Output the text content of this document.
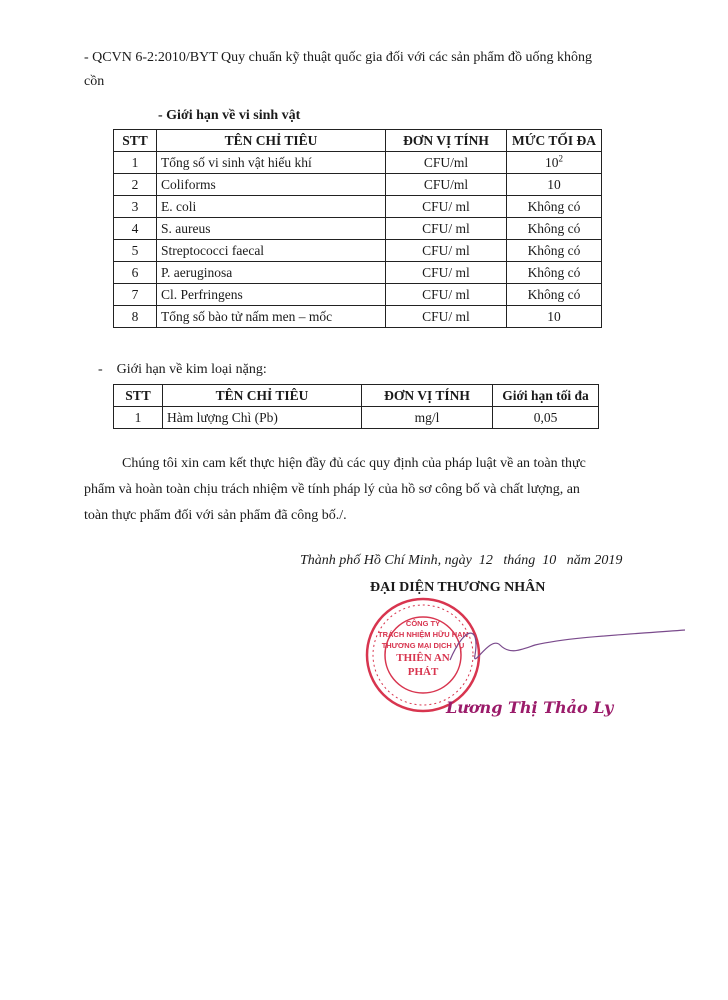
- QCVN 6-2:2010/BYT Quy chuẩn kỹ thuật quốc gia đối với các sản phẩm đồ uống không
cồn
- Giới hạn về vi sinh vật
STT	TÊN CHỈ TIÊU	ĐƠN VỊ TÍNH	MỨC TỐI ĐA
1	Tổng số vi sinh vật hiếu khí	CFU/ml	$10^2$
2	Coliforms	CFU/ml	10
3	E. coli	CFU/ ml	Không có
4	S. aureus	CFU/ ml	Không có
5	Streptococci faecal	CFU/ ml	Không có
6	P. aeruginosa	CFU/ ml	Không có
7	Cl. Perfringens	CFU/ ml	Không có
8	Tổng số bào tử nấm men – mốc	CFU/ ml	10
-    Giới hạn về kim loại nặng:
STT	TÊN CHỈ TIÊU	ĐƠN VỊ TÍNH	Giới hạn tối đa
1	Hàm lượng Chì (Pb)	mg/l	0,05
Chúng tôi xin cam kết thực hiện đầy đủ các quy định của pháp luật về an toàn thực
phẩm và hoàn toàn chịu trách nhiệm về tính pháp lý của hồ sơ công bố và chất lượng, an
toàn thực phẩm đối với sản phẩm đã công bố./.
Thành phố Hồ Chí Minh, ngày  12   tháng  10   năm 2019
ĐẠI DIỆN THƯƠNG NHÂN
CÔNG TY
TRÁCH NHIỆM HỮU HẠN
THƯƠNG MẠI DỊCH VỤ
THIÊN AN
PHÁT
Lương Thị Thảo Ly
